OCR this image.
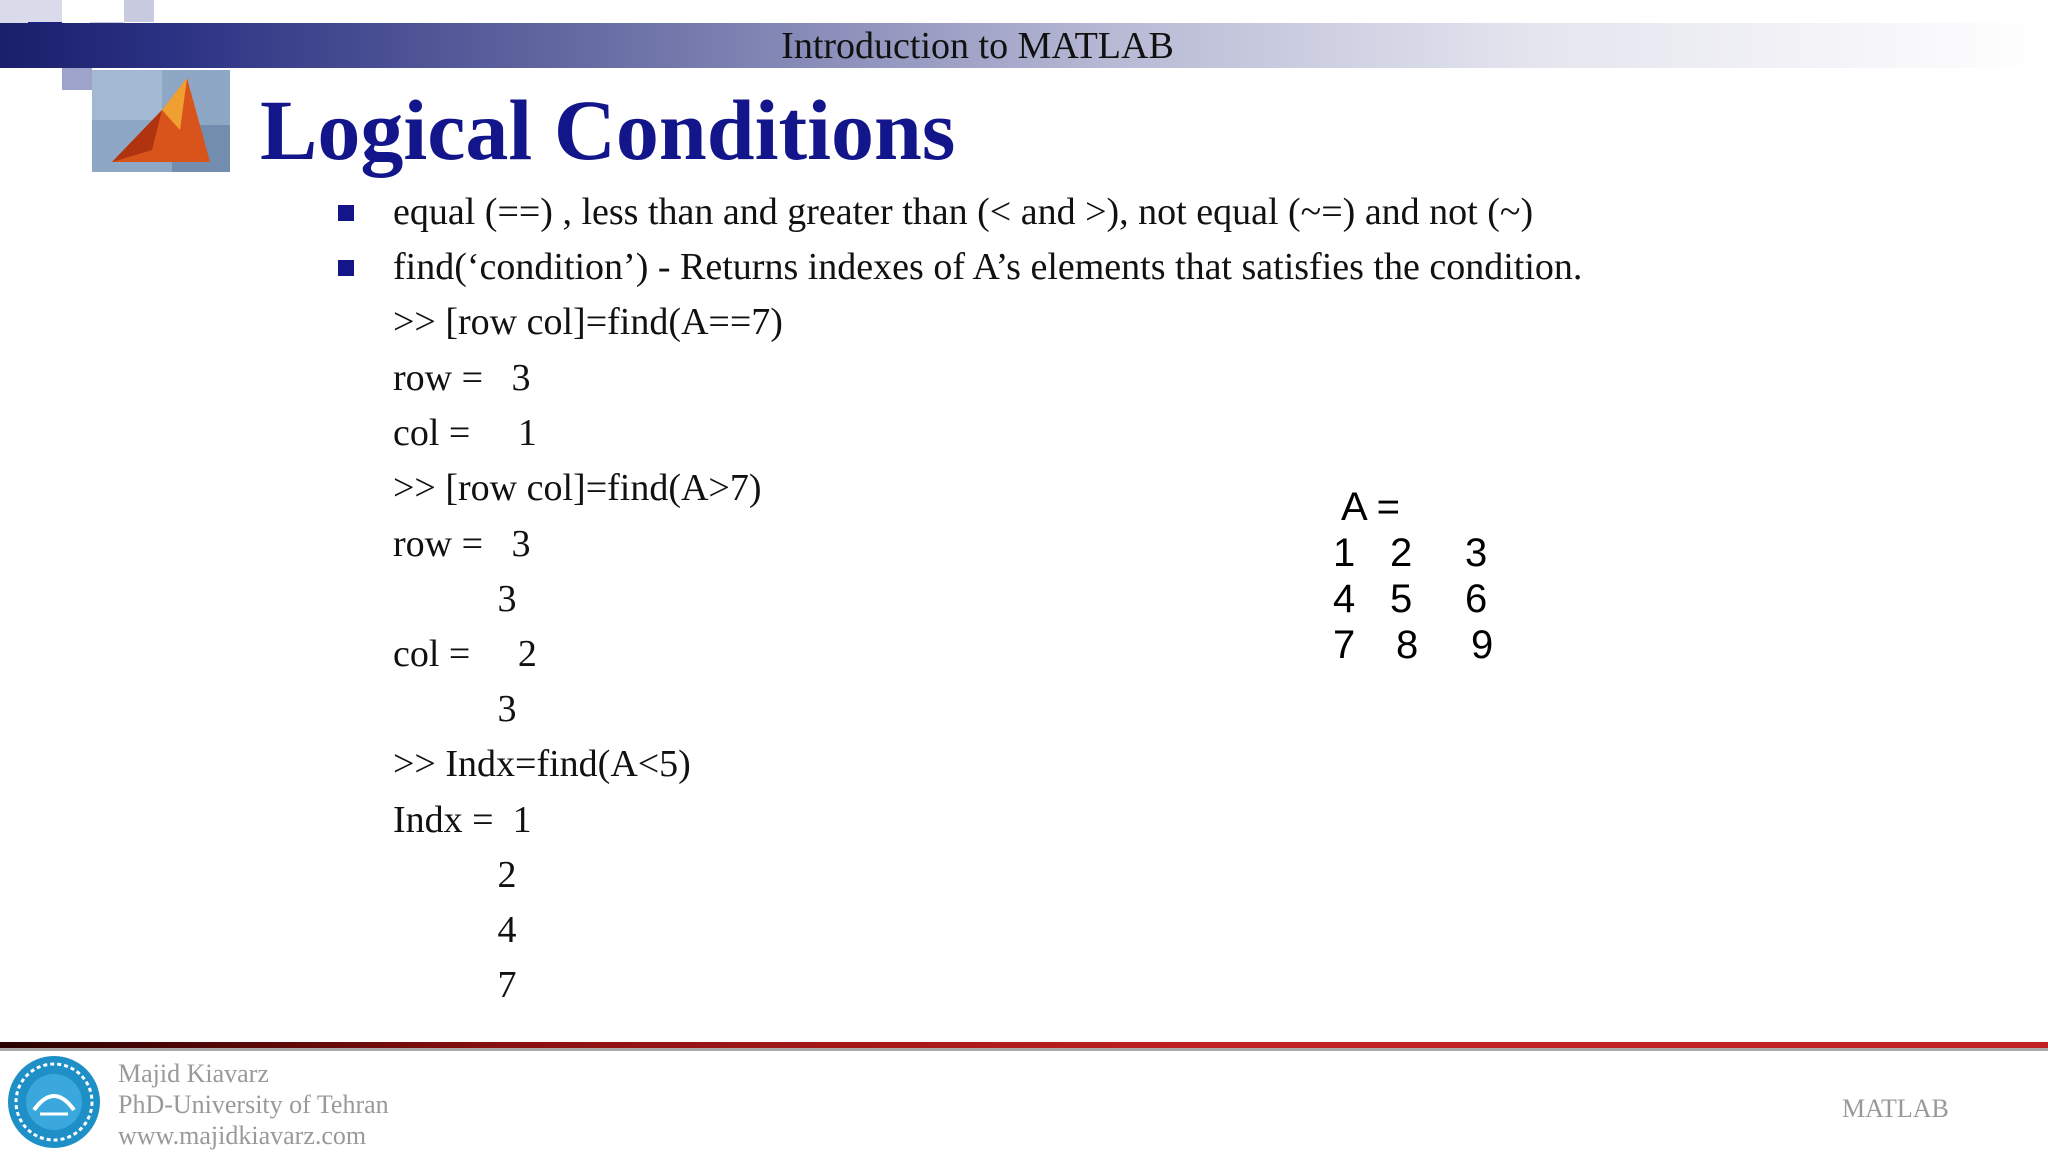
Introduction to MATLAB
Logical Conditions
equal (==) , less than and greater than (< and >), not equal (~=) and not (~)
find(‘condition’) - Returns indexes of A’s elements that satisfies the condition.
>> [row col]=find(A==7)
row =   3
col =     1
>> [row col]=find(A>7)
row =   3
3
col =     2
3
>> Indx=find(A<5)
Indx =  1
2
4
7
A =
1 2 3
4 5 6
7 8 9
Majid Kiavarz
PhD-University of Tehran
www.majidkiavarz.com
MATLAB
